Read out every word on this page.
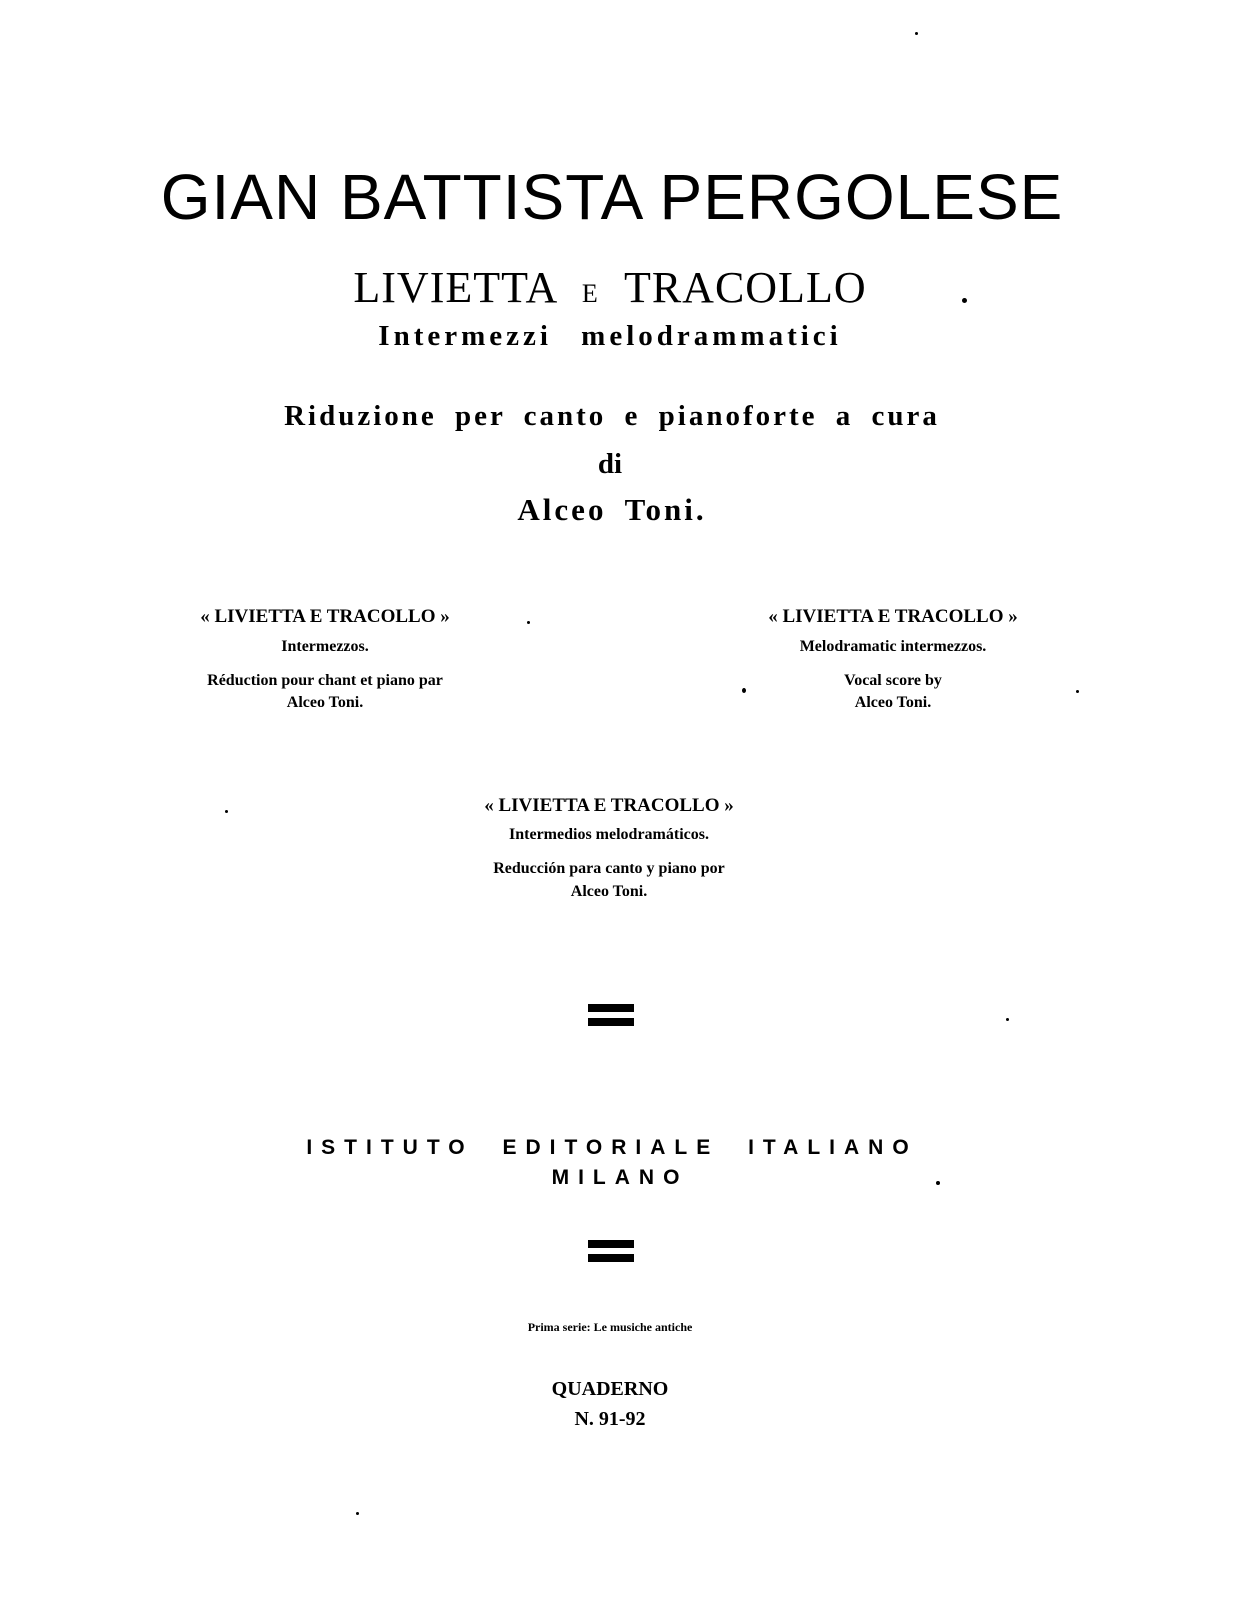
GIAN BATTISTA PERGOLESE
LIVIETTA E TRACOLLO
Intermezzi melodrammatici
Riduzione per canto e pianoforte a cura
di
Alceo Toni.
« LIVIETTA E TRACOLLO »
Intermezzos.
Réduction pour chant et piano par
Alceo Toni.
« LIVIETTA E TRACOLLO »
Melodramatic intermezzos.
Vocal score by
Alceo Toni.
« LIVIETTA E TRACOLLO »
Intermedios melodramáticos.
Reducción para canto y piano por
Alceo Toni.
ISTITUTO EDITORIALE ITALIANO
MILANO
Prima serie: Le musiche antiche
QUADERNO
N. 91-92
